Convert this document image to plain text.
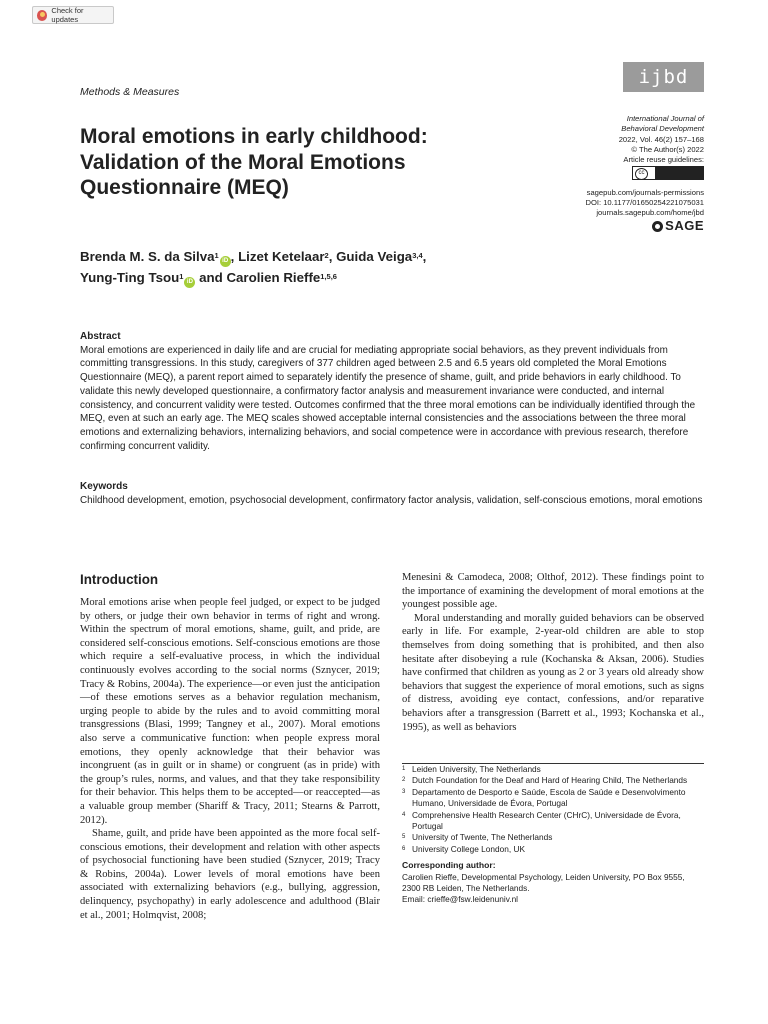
Check for updates
Methods & Measures
ijbd
International Journal of
Behavioral Development
2022, Vol. 46(2) 157–168
© The Author(s) 2022
Article reuse guidelines:
cc
sagepub.com/journals-permissions
DOI: 10.1177/01650254221075031
journals.sagepub.com/home/jbd
SAGE
Moral emotions in early childhood: Validation of the Moral Emotions Questionnaire (MEQ)
Brenda M. S. da Silva$^1$iD , Lizet Ketelaar$^2$, Guida Veiga$^{3,4}$,
Yung-Ting Tsou$^1$iD and Carolien Rieffe$^{1,5,6}$
Abstract

Moral emotions are experienced in daily life and are crucial for mediating appropriate social behaviors, as they prevent individuals from committing transgressions. In this study, caregivers of 377 children aged between 2.5 and 6.5 years old completed the Moral Emotions Questionnaire (MEQ), a parent report aimed to separately identify the presence of shame, guilt, and pride behaviors in early childhood. To validate this newly developed questionnaire, a confirmatory factor analysis and measurement invariance were conducted, and internal consistency, and concurrent validity were tested. Outcomes confirmed that the three moral emotions can be individually identified through the MEQ, even at such an early age. The MEQ scales showed acceptable internal consistencies and the associations between the three moral emotions and externalizing behaviors, internalizing behaviors, and social competence were in accordance with previous research, therefore confirming concurrent validity.

Keywords

Childhood development, emotion, psychosocial development, confirmatory factor analysis, validation, self-conscious emotions, moral emotions

Introduction

Moral emotions arise when people feel judged, or expect to be judged by others, or judge their own behavior in terms of right and wrong. Within the spectrum of moral emotions, shame, guilt, and pride, are considered self-conscious emotions. Self-conscious emotions are those which require a self-evaluative process, in which the individual continuously evolves according to the social norms (Sznycer, 2019; Tracy & Robins, 2004a). The experience—or even just the anticipation—of these emotions serves as a behavior regulation mechanism, urging people to abide by the rules and to avoid committing moral transgressions (Blasi, 1999; Tangney et al., 2007). Moral emotions also serve a communicative function: when people express moral emotions, they openly acknowledge that their behavior was incongruent (as in guilt or in shame) or congruent (as in pride) with the group’s rules, norms, and values, and that they take responsibility for their behavior. This helps them to be accepted—or reaccepted—as a valuable group member (Shariff & Tracy, 2011; Stearns & Parrott, 2012).

Shame, guilt, and pride have been appointed as the more focal self-conscious emotions, their development and relation with other aspects of psychosocial functioning have been studied (Sznycer, 2019; Tracy & Robins, 2004a). Lower levels of moral emotions have been associated with externalizing behaviors (e.g., bullying, aggression, delinquency, psychopathy) in early adolescence and adulthood (Blair et al., 2001; Holmqvist, 2008;

Menesini & Camodeca, 2008; Olthof, 2012). These findings point to the importance of examining the development of moral emotions at the youngest possible age.

Moral understanding and morally guided behaviors can be observed early in life. For example, 2-year-old children are able to stop themselves from doing something that is prohibited, and then also hesitate after disobeying a rule (Kochanska & Aksan, 2006). Studies have confirmed that children as young as 2 or 3 years old already show behaviors that suggest the experience of moral emotions, such as signs of distress, avoiding eye contact, confessions, and/or reparative behaviors after a transgression (Barrett et al., 1993; Kochanska et al., 1995), as well as behaviors

1 Leiden University, The Netherlands
2 Dutch Foundation for the Deaf and Hard of Hearing Child, The Netherlands
3 Departamento de Desporto e Saúde, Escola de Saúde e Desenvolvimento Humano, Universidade de Évora, Portugal
4 Comprehensive Health Research Center (CHrC), Universidade de Évora, Portugal
5 University of Twente, The Netherlands
6 University College London, UK
Corresponding author:
Carolien Rieffe, Developmental Psychology, Leiden University, PO Box 9555, 2300 RB Leiden, The Netherlands.
Email: crieffe@fsw.leidenuniv.nl
